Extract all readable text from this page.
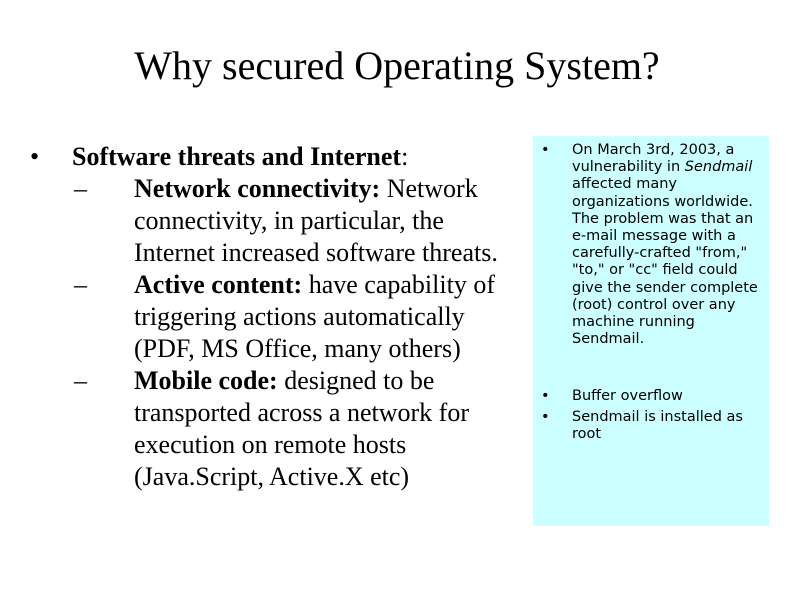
Why secured Operating System?
• Software threats and Internet:
– Network connectivity: Network connectivity, in particular, the Internet increased software threats.
– Active content: have capability of triggering actions automatically (PDF, MS Office, many others)
– Mobile code: designed to be transported across a network for execution on remote hosts (Java.Script, Active.X etc)
• On March 3rd, 2003, a vulnerability in Sendmail affected many organizations worldwide. The problem was that an e-mail message with a carefully-crafted "from," "to," or "cc" field could give the sender complete (root) control over any machine running Sendmail.
• Buffer overflow
• Sendmail is installed as root
